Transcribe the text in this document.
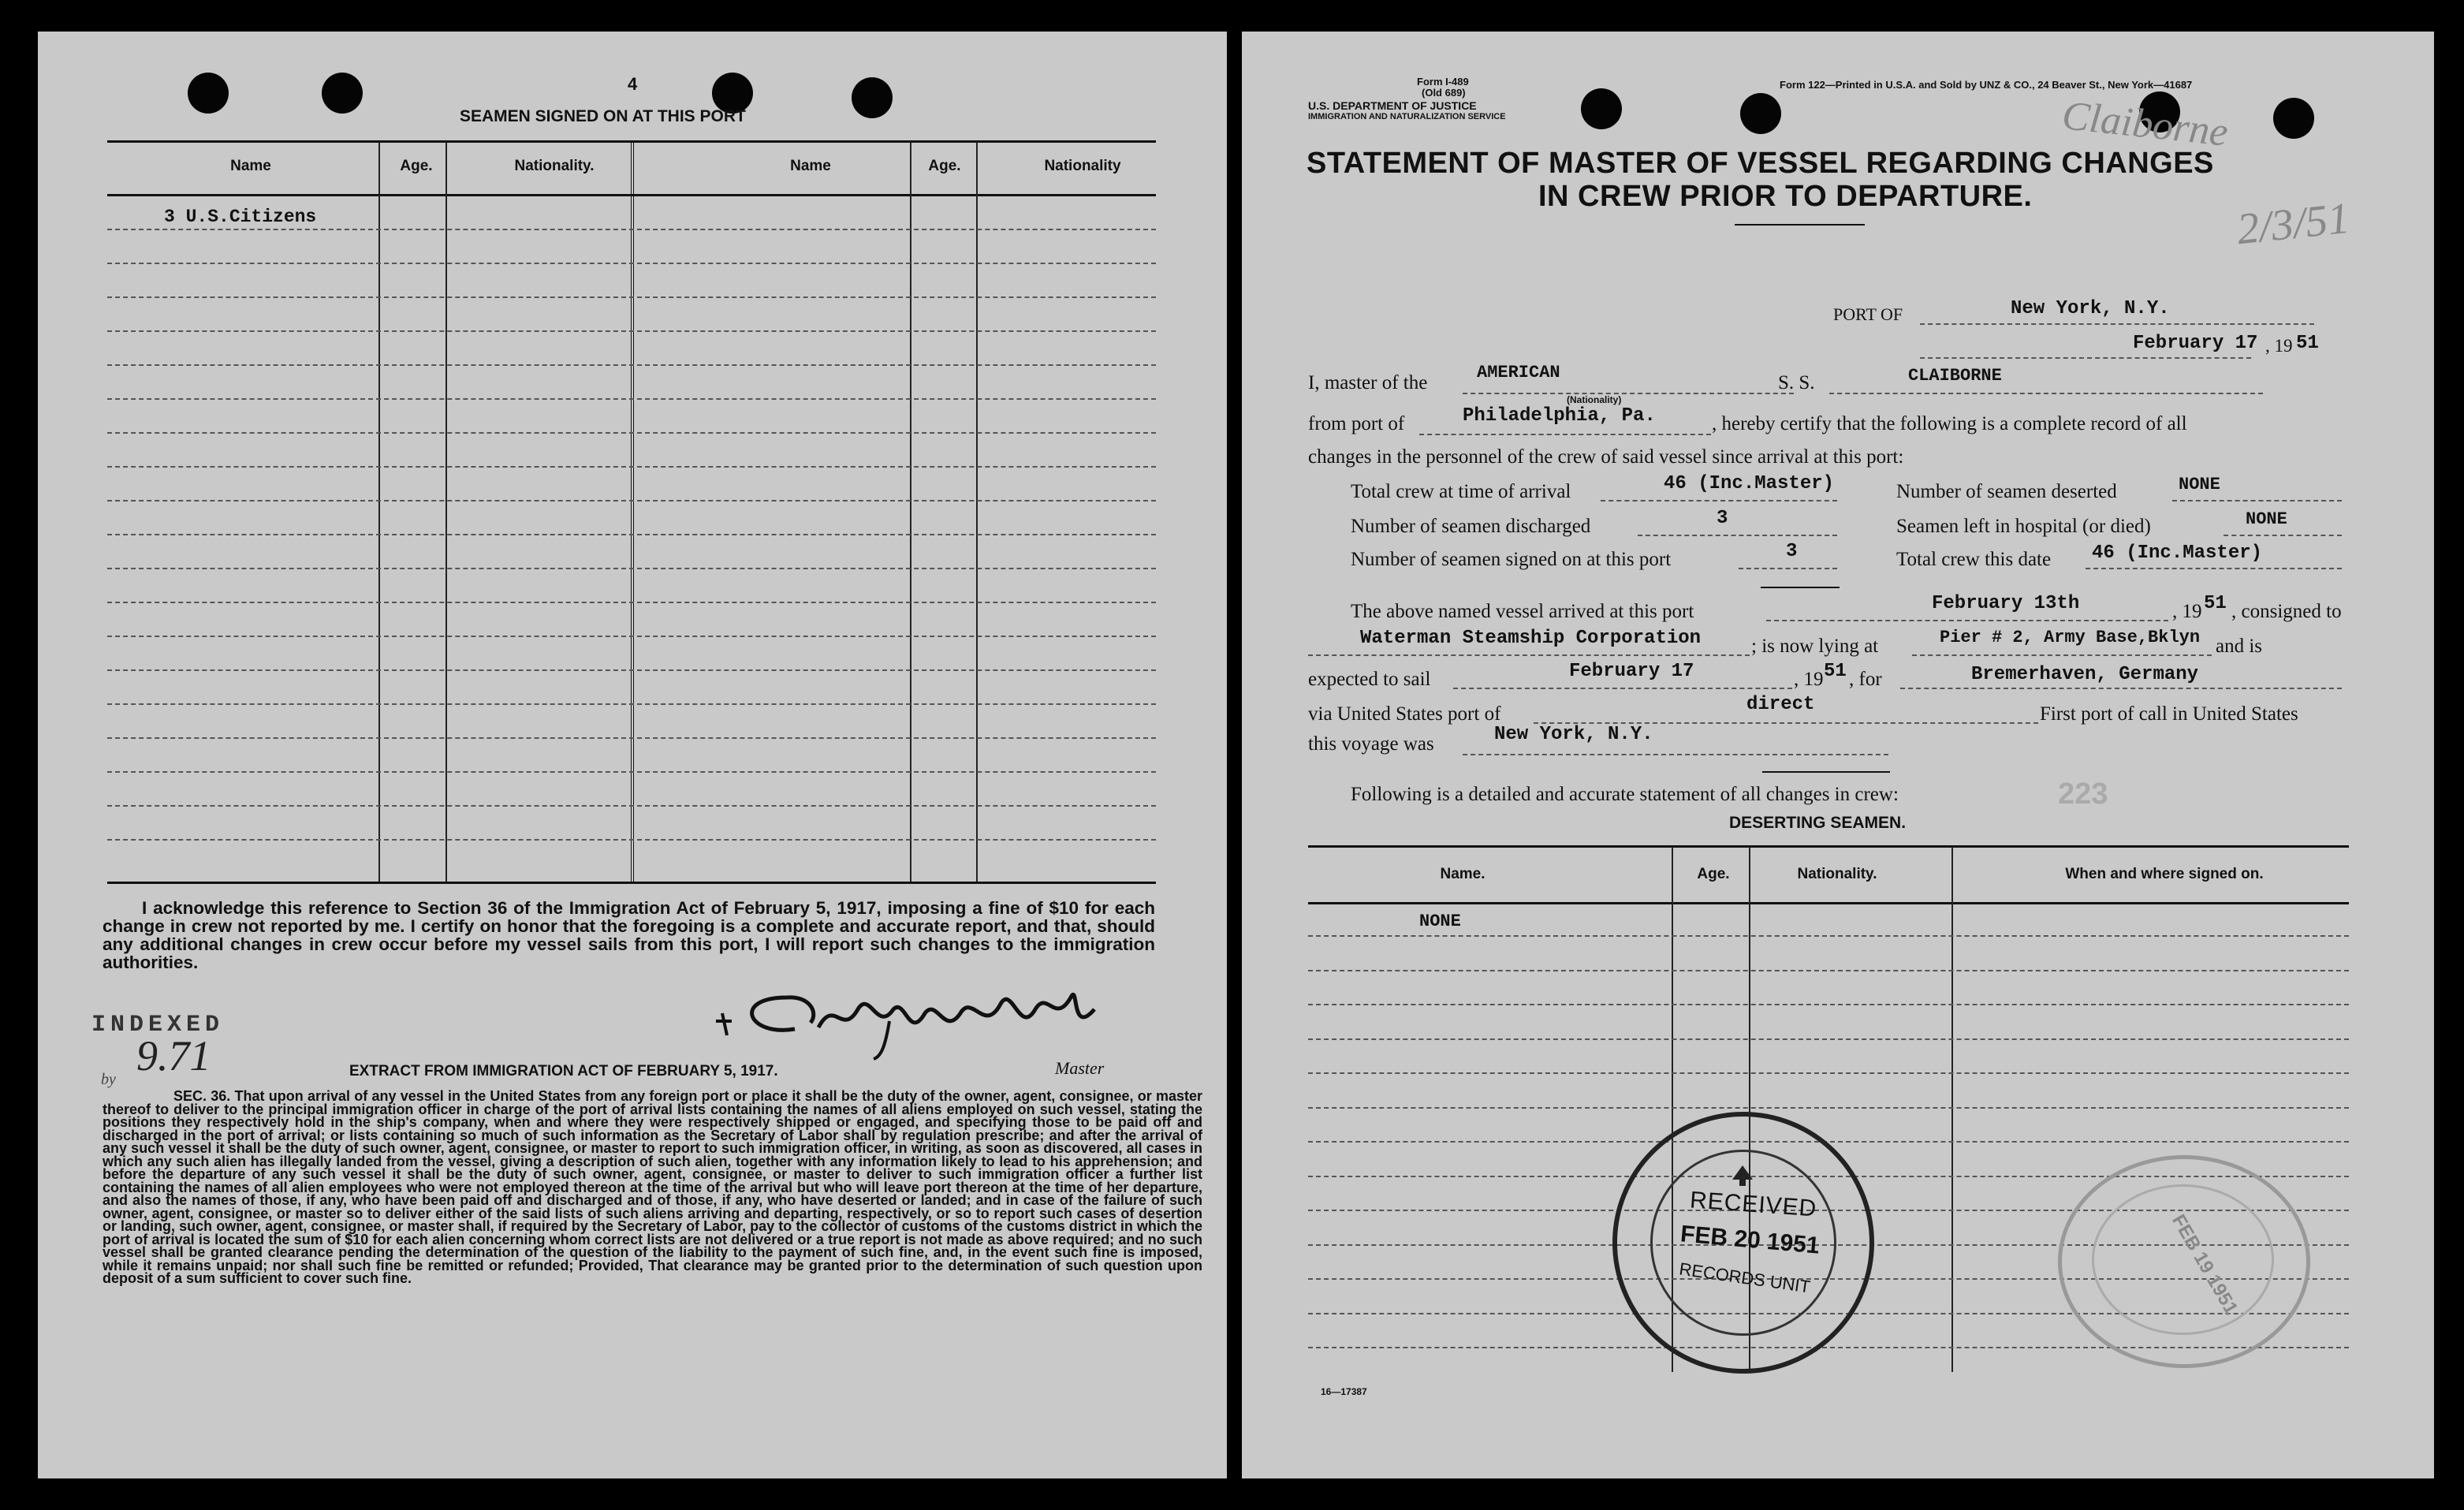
4
SEAMEN SIGNED ON AT THIS PORT
Name	Age.	Nationality.	Name	Age.	Nationality
3 U.S.Citizens
I acknowledge this reference to Section 36 of the Immigration Act of February 5, 1917, imposing a fine of $10 for each change in crew not reported by me. I certify on honor that the foregoing is a complete and accurate report, and that, should any additional changes in crew occur before my vessel sails from this port, I will report such changes to the immigration authorities.
Master
INDEXED
by 9.71	EXTRACT FROM IMMIGRATION ACT OF FEBRUARY 5, 1917.
SEC. 36. That upon arrival of any vessel in the United States from any foreign port or place it shall be the duty of the owner, agent, consignee, or master thereof to deliver to the principal immigration officer in charge of the port of arrival lists containing the names of all aliens employed on such vessel, stating the positions they respectively hold in the ship's company, when and where they were respectively shipped or engaged, and specifying those to be paid off and discharged in the port of arrival; or lists containing so much of such information as the Secretary of Labor shall by regulation prescribe; and after the arrival of any such vessel it shall be the duty of such owner, agent, consignee, or master to report to such immigration officer, in writing, as soon as discovered, all cases in which any such alien has illegally landed from the vessel, giving a description of such alien, together with any information likely to lead to his apprehension; and before the departure of any such vessel it shall be the duty of such owner, agent, consignee, or master to deliver to such immigration officer a further list containing the names of all alien employees who were not employed thereon at the time of the arrival but who will leave port thereon at the time of her departure, and also the names of those, if any, who have been paid off and discharged and of those, if any, who have deserted or landed; and in case of the failure of such owner, agent, consignee, or master so to deliver either of the said lists of such aliens arriving and departing, respectively, or so to report such cases of desertion or landing, such owner, agent, consignee, or master shall, if required by the Secretary of Labor, pay to the collector of customs of the customs district in which the port of arrival is located the sum of $10 for each alien concerning whom correct lists are not delivered or a true report is not made as above required; and no such vessel shall be granted clearance pending the determination of the question of the liability to the payment of such fine, and, in the event such fine is imposed, while it remains unpaid; nor shall such fine be remitted or refunded; Provided, That clearance may be granted prior to the determination of such question upon deposit of a sum sufficient to cover such fine.
Form I-489
(Old 689)
U.S. DEPARTMENT OF JUSTICE
IMMIGRATION AND NATURALIZATION SERVICE
Form 122—Printed in U.S.A. and Sold by UNZ & CO., 24 Beaver St., New York—41687
Claiborne
2/3/51
STATEMENT OF MASTER OF VESSEL REGARDING CHANGES
IN CREW PRIOR TO DEPARTURE.
PORT OF	New York, N.Y.
February 17 , 19 51
I, master of the	AMERICAN
(Nationality)
S. S.	CLAIBORNE
from port of	Philadelphia, Pa.	, hereby certify that the following is a complete record of all
changes in the personnel of the crew of said vessel since arrival at this port:
Total crew at time of arrival	46 (Inc.Master)	Number of seamen deserted	NONE
Number of seamen discharged	3	Seamen left in hospital (or died)	NONE
Number of seamen signed on at this port	3	Total crew this date 46 (Inc.Master)
The above named vessel arrived at this port	February 13th	, 19 51 , consigned to
Waterman Steamship Corporation	; is now lying at	Pier # 2, Army Base,Bklyn and is
expected to sail	February 17	, 19 51 , for	Bremerhaven, Germany
via United States port of	direct	First port of call in United States
this voyage was	New York, N.Y.
Following is a detailed and accurate statement of all changes in crew:	223
DESERTING SEAMEN.
Name.	Age.	Nationality.	When and where signed on.
NONE
RECEIVED
FEB 20 1951
RECORDS UNIT	FEB 19 1951
16—17387
